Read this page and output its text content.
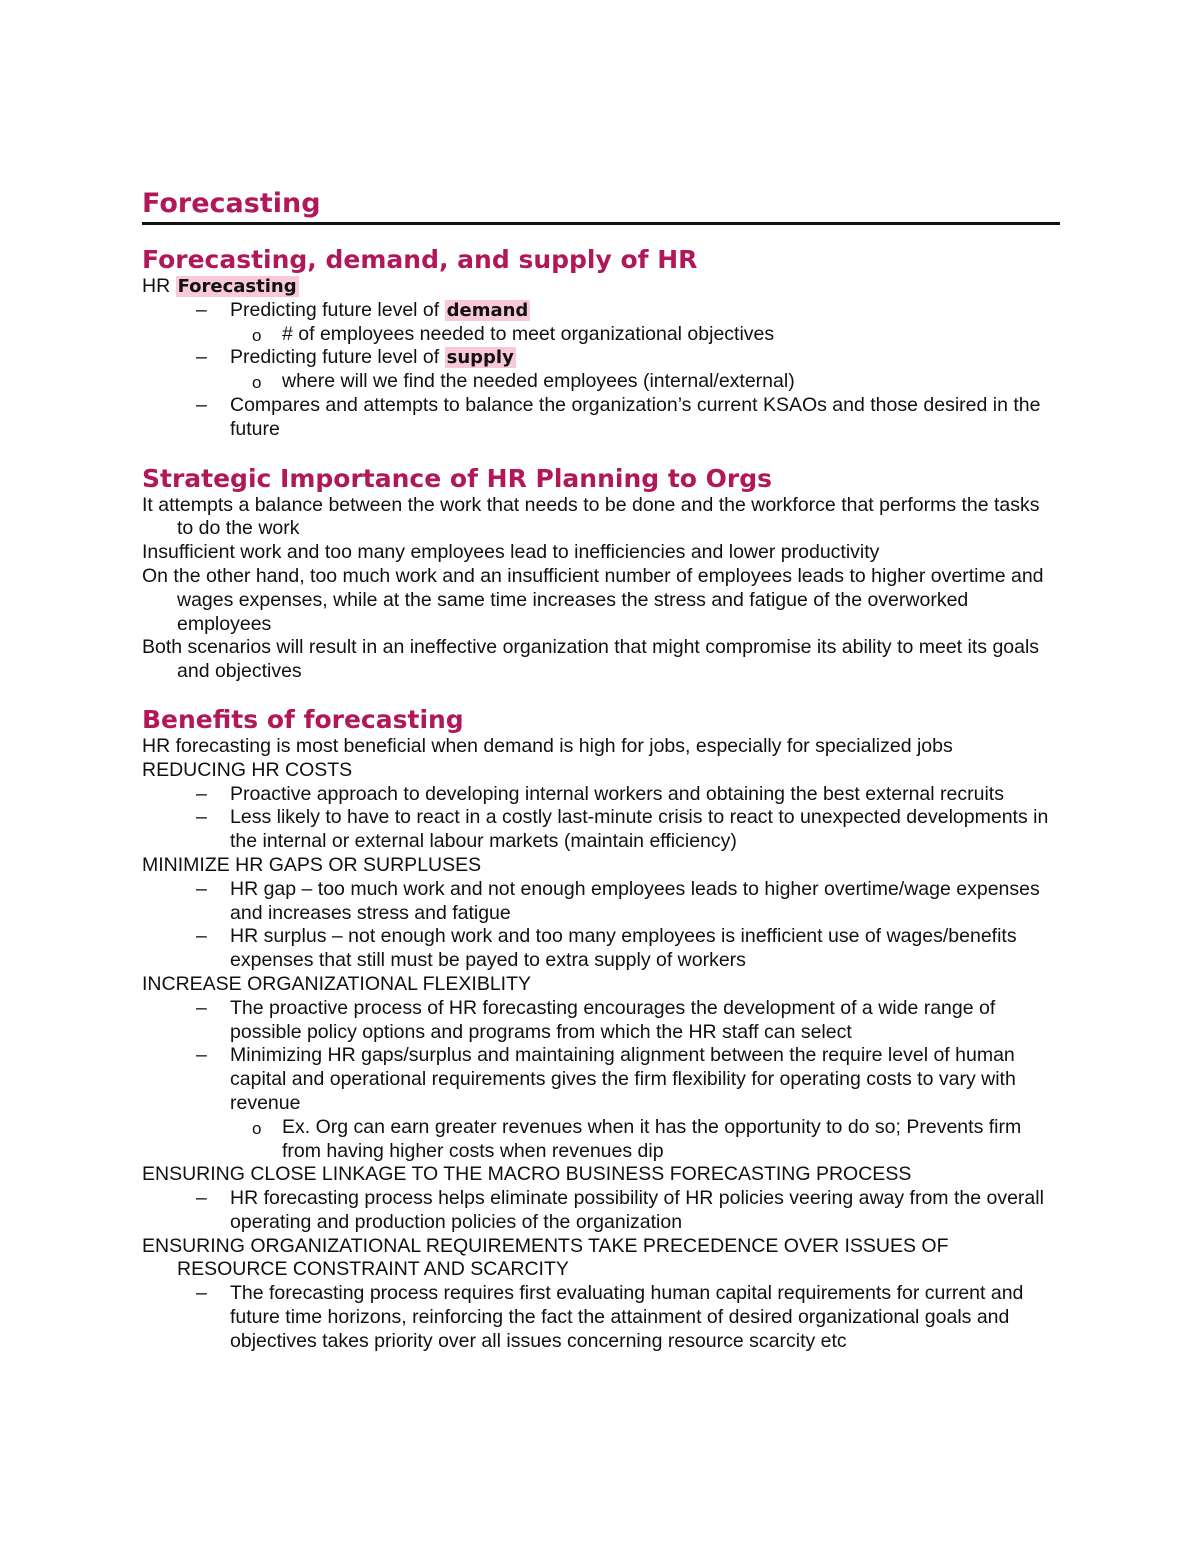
Forecasting
Forecasting, demand, and supply of HR

HR Forecasting

– Predicting future level of demand
o # of employees needed to meet organizational objectives
– Predicting future level of supply
o where will we find the needed employees (internal/external)
– Compares and attempts to balance the organization’s current KSAOs and those desired in the future
Strategic Importance of HR Planning to Orgs

It attempts a balance between the work that needs to be done and the workforce that performs the tasks to do the work

Insufficient work and too many employees lead to inefficiencies and lower productivity

On the other hand, too much work and an insufficient number of employees leads to higher overtime and wages expenses, while at the same time increases the stress and fatigue of the overworked employees

Both scenarios will result in an ineffective organization that might compromise its ability to meet its goals and objectives

Benefits of forecasting

HR forecasting is most beneficial when demand is high for jobs, especially for specialized jobs

REDUCING HR COSTS

– Proactive approach to developing internal workers and obtaining the best external recruits
– Less likely to have to react in a costly last-minute crisis to react to unexpected developments in the internal or external labour markets (maintain efficiency)

MINIMIZE HR GAPS OR SURPLUSES

– HR gap – too much work and not enough employees leads to higher overtime/wage expenses and increases stress and fatigue
– HR surplus – not enough work and too many employees is inefficient use of wages/benefits expenses that still must be payed to extra supply of workers

INCREASE ORGANIZATIONAL FLEXIBLITY

– The proactive process of HR forecasting encourages the development of a wide range of possible policy options and programs from which the HR staff can select
– Minimizing HR gaps/surplus and maintaining alignment between the require level of human capital and operational requirements gives the firm flexibility for operating costs to vary with revenue
o Ex. Org can earn greater revenues when it has the opportunity to do so; Prevents firm from having higher costs when revenues dip

ENSURING CLOSE LINKAGE TO THE MACRO BUSINESS FORECASTING PROCESS

– HR forecasting process helps eliminate possibility of HR policies veering away from the overall operating and production policies of the organization

ENSURING ORGANIZATIONAL REQUIREMENTS TAKE PRECEDENCE OVER ISSUES OF RESOURCE CONSTRAINT AND SCARCITY

– The forecasting process requires first evaluating human capital requirements for current and future time horizons, reinforcing the fact the attainment of desired organizational goals and objectives takes priority over all issues concerning resource scarcity etc
